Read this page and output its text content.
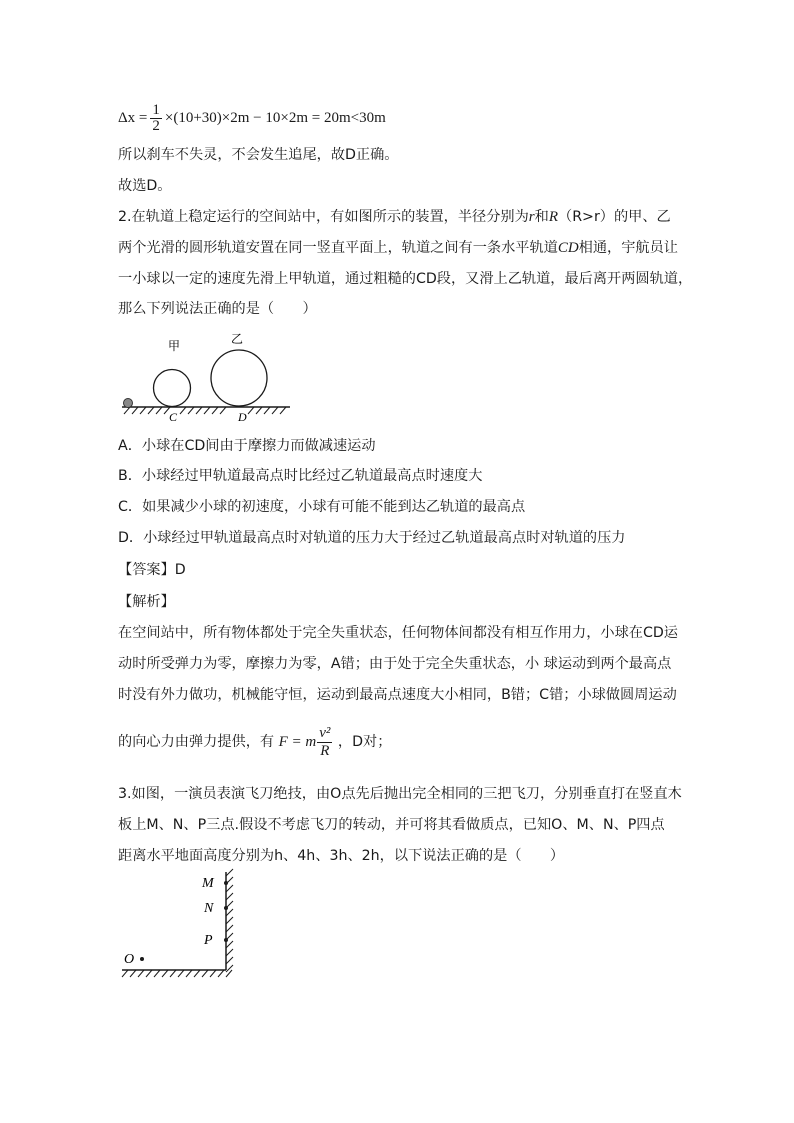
$\Delta x = \frac{1}{2} \times(10+30)\times 2m - 10\times 2m = 20m<30m$
所以刹车不失灵，不会发生追尾，故D正确。
故选D。
2.在轨道上稳定运行的空间站中，有如图所示的装置，半径分别为r和R（R>r）的甲、乙
两个光滑的圆形轨道安置在同一竖直平面上，轨道之间有一条水平轨道CD相通，宇航员让
一小球以一定的速度先滑上甲轨道，通过粗糙的CD段，又滑上乙轨道，最后离开两圆轨道，
那么下列说法正确的是（　　）
甲	乙
C	D
A．小球在CD间由于摩擦力而做减速运动
B．小球经过甲轨道最高点时比经过乙轨道最高点时速度大
C．如果减少小球的初速度，小球有可能不能到达乙轨道的最高点
D．小球经过甲轨道最高点时对轨道的压力大于经过乙轨道最高点时对轨道的压力
【答案】D
【解析】
在空间站中，所有物体都处于完全失重状态，任何物体间都没有相互作用力，小球在CD运
动时所受弹力为零，摩擦力为零，A错；由于处于完全失重状态，小 球运动到两个最高点
时没有外力做功，机械能守恒，运动到最高点速度大小相同，B错；C错；小球做圆周运动
的向心力由弹力提供，有 F = m $\frac{\text{v²}}{R}$ ，D对；
3.如图，一演员表演飞刀绝技，由O点先后抛出完全相同的三把飞刀，分别垂直打在竖直木
板上M、N、P三点.假设不考虑飞刀的转动，并可将其看做质点，已知O、M、N、P四点
距离水平地面高度分别为h、4h、3h、2h，以下说法正确的是（　　）
M
N
P
O
